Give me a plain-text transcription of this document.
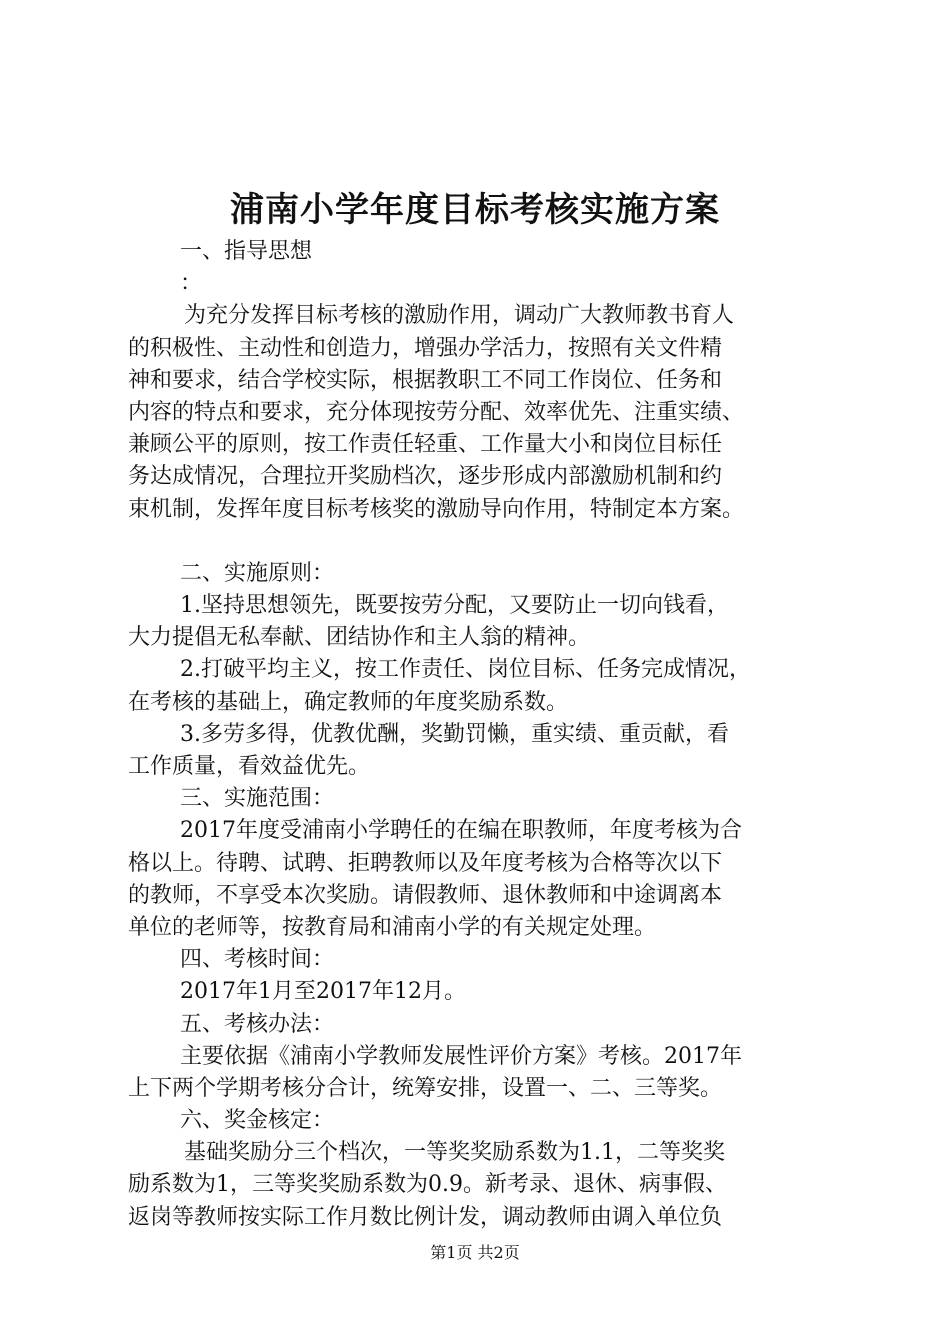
浦南小学年度目标考核实施方案
一、指导思想
：
为充分发挥目标考核的激励作用，调动广大教师教书育人
的积极性、主动性和创造力，增强办学活力，按照有关文件精
神和要求，结合学校实际，根据教职工不同工作岗位、任务和
内容的特点和要求，充分体现按劳分配、效率优先、注重实绩、
兼顾公平的原则，按工作责任轻重、工作量大小和岗位目标任
务达成情况，合理拉开奖励档次，逐步形成内部激励机制和约
束机制，发挥年度目标考核奖的激励导向作用，特制定本方案。
二、实施原则：
1.坚持思想领先，既要按劳分配，又要防止一切向钱看，
大力提倡无私奉献、团结协作和主人翁的精神。
2.打破平均主义，按工作责任、岗位目标、任务完成情况，
在考核的基础上，确定教师的年度奖励系数。
3.多劳多得，优教优酬，奖勤罚懒，重实绩、重贡献，看
工作质量，看效益优先。
三、实施范围：
2017年度受浦南小学聘任的在编在职教师，年度考核为合
格以上。待聘、试聘、拒聘教师以及年度考核为合格等次以下
的教师，不享受本次奖励。请假教师、退休教师和中途调离本
单位的老师等，按教育局和浦南小学的有关规定处理。
四、考核时间：
2017年1月至2017年12月。
五、考核办法：
主要依据《浦南小学教师发展性评价方案》考核。2017年
上下两个学期考核分合计，统筹安排，设置一、二、三等奖。
六、奖金核定：
基础奖励分三个档次，一等奖奖励系数为1.1，二等奖奖
励系数为1，三等奖奖励系数为0.9。新考录、退休、病事假、
返岗等教师按实际工作月数比例计发，调动教师由调入单位负
第1页 共2页
